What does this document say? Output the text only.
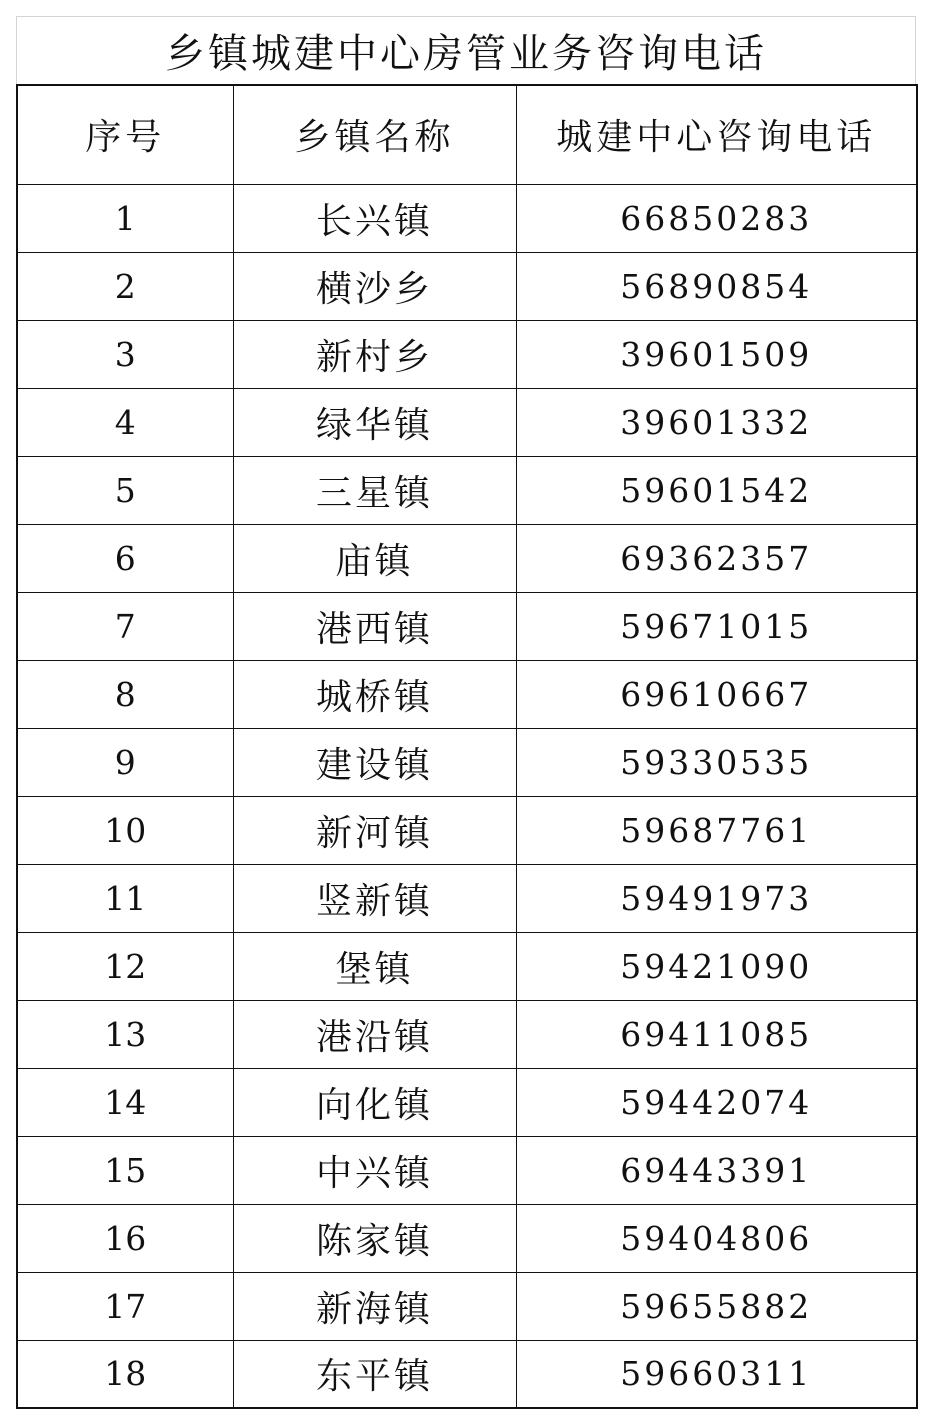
乡镇城建中心房管业务咨询电话
序号	乡镇名称	城建中心咨询电话
1	长兴镇	66850283
2	横沙乡	56890854
3	新村乡	39601509
4	绿华镇	39601332
5	三星镇	59601542
6	庙镇	69362357
7	港西镇	59671015
8	城桥镇	69610667
9	建设镇	59330535
10	新河镇	59687761
11	竖新镇	59491973
12	堡镇	59421090
13	港沿镇	69411085
14	向化镇	59442074
15	中兴镇	69443391
16	陈家镇	59404806
17	新海镇	59655882
18	东平镇	59660311
